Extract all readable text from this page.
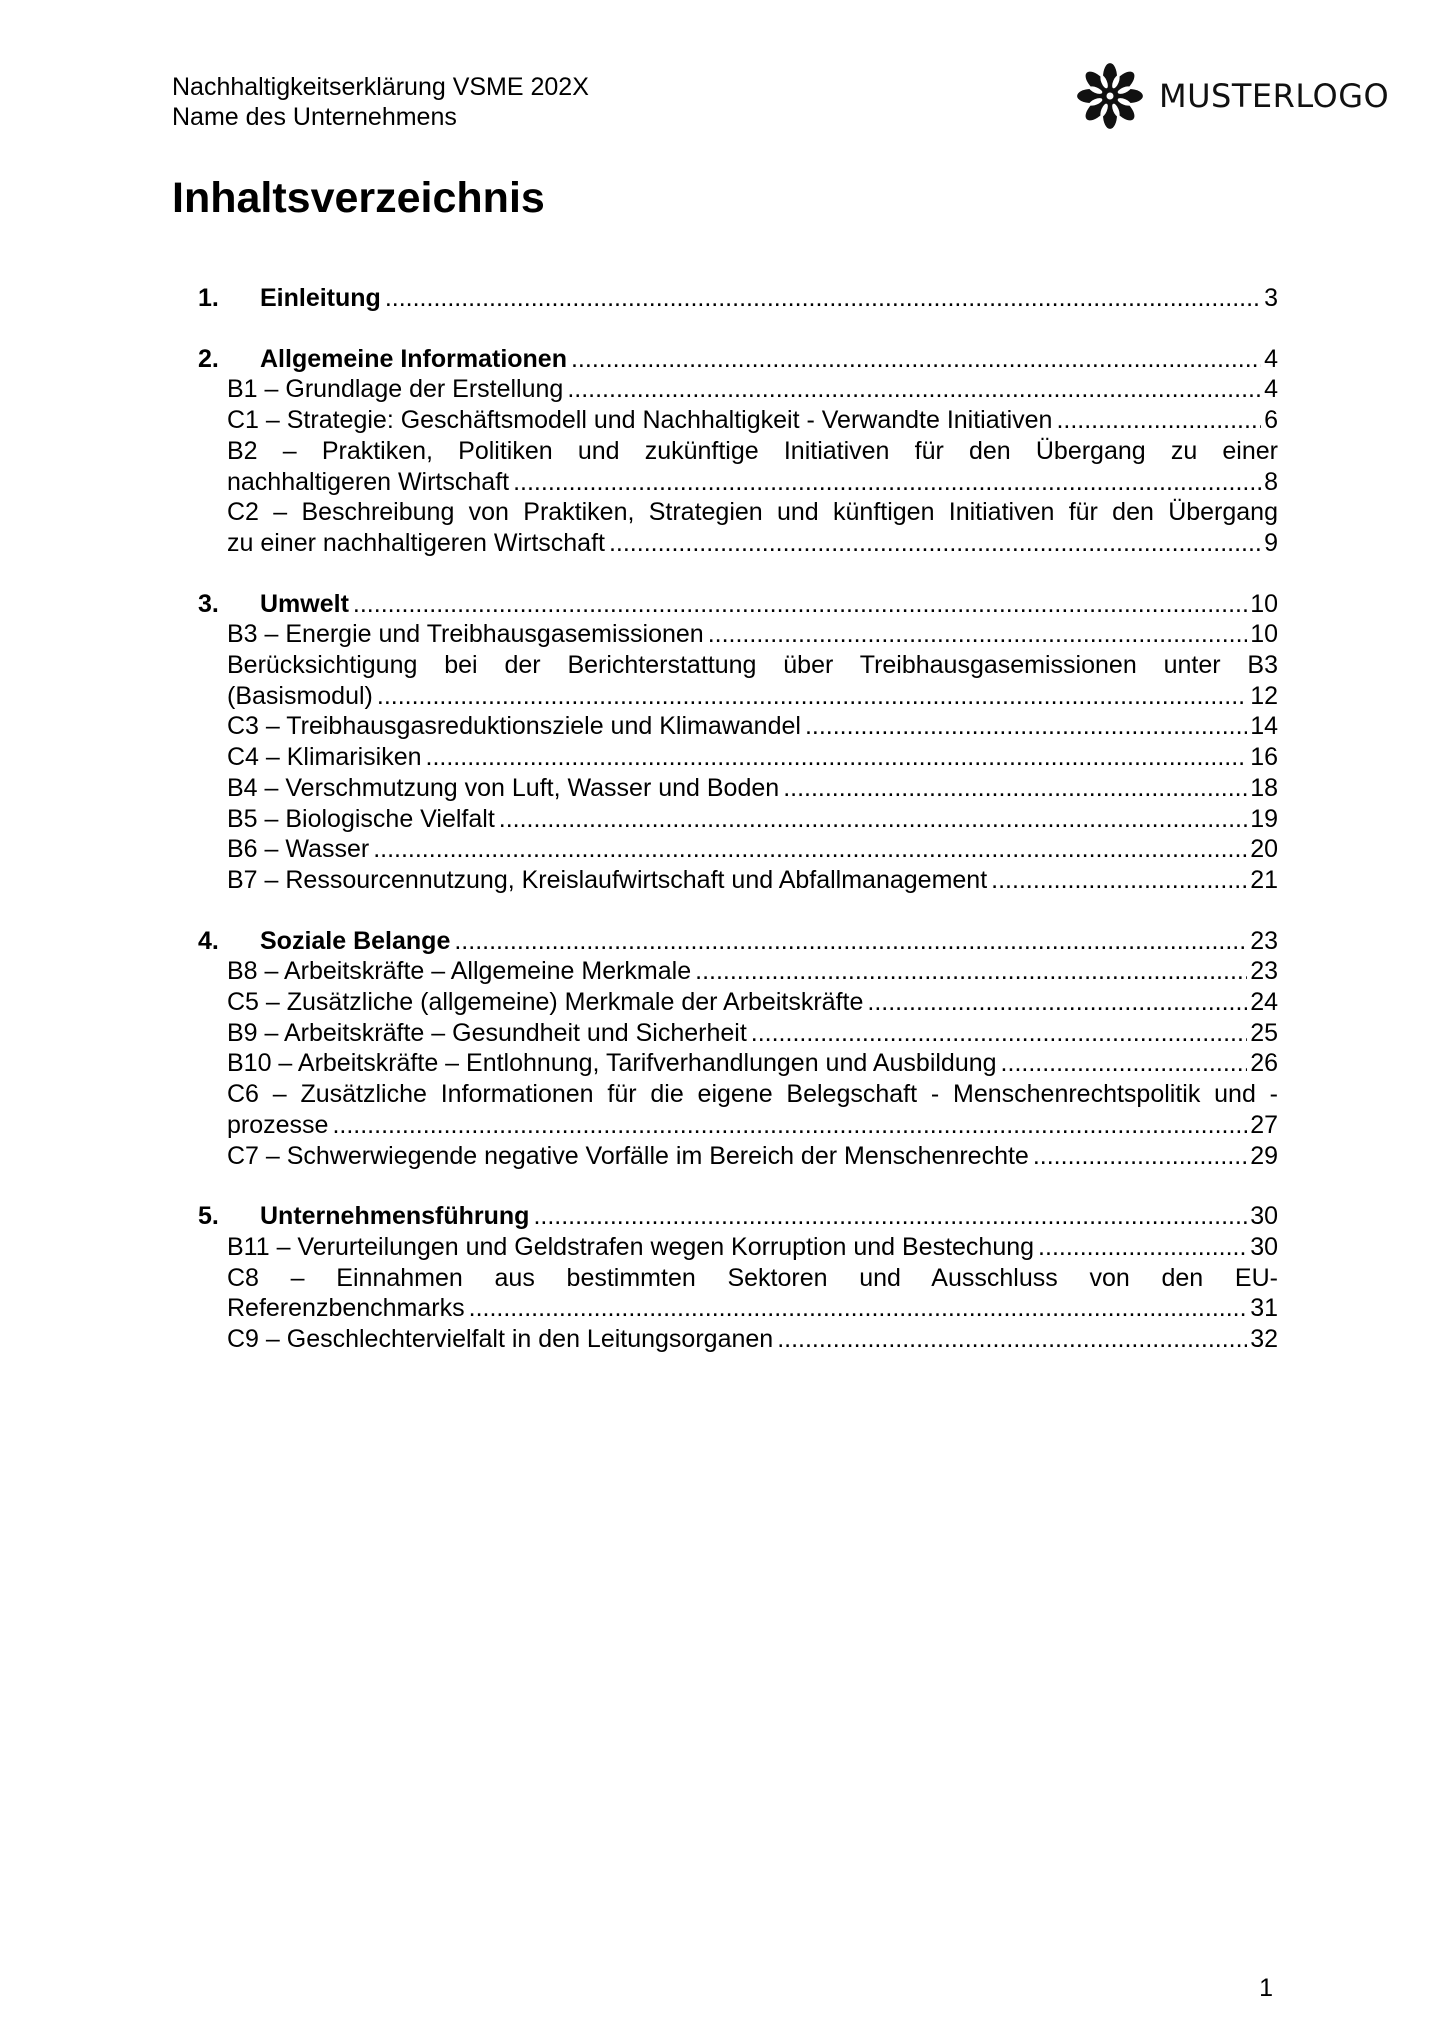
Nachhaltigkeitserklärung VSME 202X
Name des Unternehmens
MUSTERLOGO
Inhaltsverzeichnis
1.	Einleitung .....	3
2.	Allgemeine Informationen .....	4
B1 – Grundlage der Erstellung .....	4
C1 – Strategie: Geschäftsmodell und Nachhaltigkeit - Verwandte Initiativen .....	6
B2 – Praktiken, Politiken und zukünftige Initiativen für den Übergang zu einer
nachhaltigeren Wirtschaft .....	8
C2 – Beschreibung von Praktiken, Strategien und künftigen Initiativen für den Übergang
zu einer nachhaltigeren Wirtschaft .....	9
3.	Umwelt .....	10
B3 – Energie und Treibhausgasemissionen .....	10
Berücksichtigung bei der Berichterstattung über Treibhausgasemissionen unter B3
(Basismodul) .....	12
C3 – Treibhausgasreduktionsziele und Klimawandel .....	14
C4 – Klimarisiken .....	16
B4 – Verschmutzung von Luft, Wasser und Boden .....	18
B5 – Biologische Vielfalt .....	19
B6 – Wasser .....	20
B7 – Ressourcennutzung, Kreislaufwirtschaft und Abfallmanagement .....	21
4.	Soziale Belange .....	23
B8 – Arbeitskräfte – Allgemeine Merkmale .....	23
C5 – Zusätzliche (allgemeine) Merkmale der Arbeitskräfte .....	24
B9 – Arbeitskräfte – Gesundheit und Sicherheit .....	25
B10 – Arbeitskräfte – Entlohnung, Tarifverhandlungen und Ausbildung .....	26
C6 – Zusätzliche Informationen für die eigene Belegschaft - Menschenrechtspolitik und -
prozesse .....	27
C7 – Schwerwiegende negative Vorfälle im Bereich der Menschenrechte .....	29
5.	Unternehmensführung .....	30
B11 – Verurteilungen und Geldstrafen wegen Korruption und Bestechung .....	30
C8 – Einnahmen aus bestimmten Sektoren und Ausschluss von den EU-
Referenzbenchmarks .....	31
C9 – Geschlechtervielfalt in den Leitungsorganen .....	32
1
